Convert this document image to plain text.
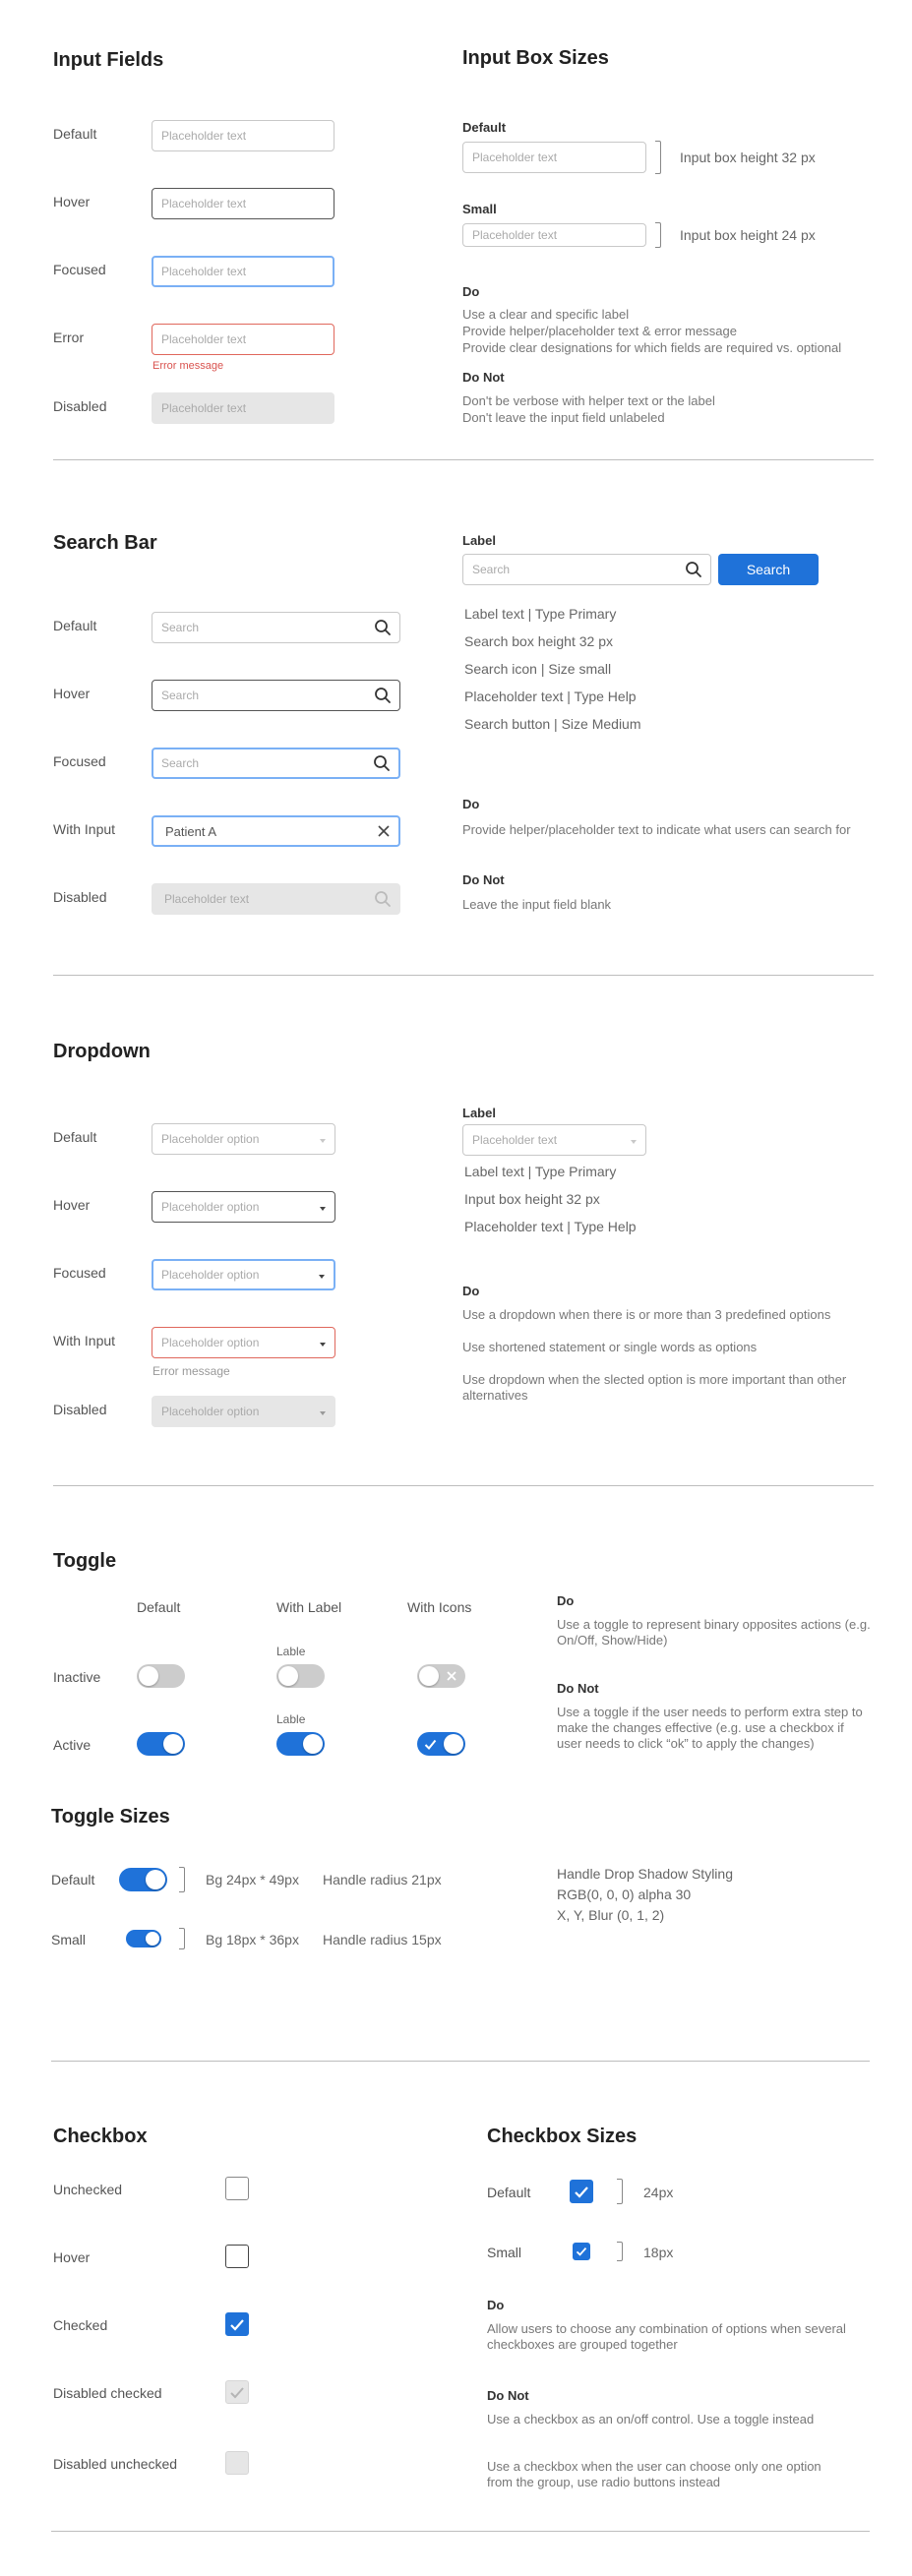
Input Fields
Default	Placeholder text
Hover	Placeholder text
Focused	Placeholder text
Error	Placeholder text
Error message
Disabled	Placeholder text
Input Box Sizes
Default
Placeholder text	Input box height 32 px
Small
Placeholder text	Input box height 24 px
Do
Use a clear and specific label
Provide helper/placeholder text & error message
Provide clear designations for which fields are required vs. optional
Do Not
Don't be verbose with helper text or the label
Don't leave the input field unlabeled
Search Bar
Default	Search
Hover	Search
Focused	Search
With Input	Patient A
Disabled	Placeholder text
Label
Search	Search
Label text | Type Primary
Search box height 32 px
Search icon | Size small
Placeholder text | Type Help
Search button | Size Medium
Do
Provide helper/placeholder text to indicate what users can search for
Do Not
Leave the input field blank
Dropdown
Default	Placeholder option
Hover	Placeholder option
Focused	Placeholder option
With Input	Placeholder option
Error message
Disabled	Placeholder option
Label
Placeholder text
Label text | Type Primary
Input box height 32 px
Placeholder text | Type Help
Do
Use a dropdown when there is or more than 3 predefined options
Use shortened statement or single words as options
Use dropdown when the slected option is more important than other alternatives
Toggle
Default	With Label	With Icons
Inactive
Active
Lable
Lable
Do
Use a toggle to represent binary opposites actions (e.g. On/Off, Show/Hide)
Do Not
Use a toggle if the user needs to perform extra step to make the changes effective (e.g. use a checkbox if user needs to click “ok” to apply the changes)
Toggle Sizes
Default	Bg 24px * 49px Handle radius 21px
Small	Bg 18px * 36px Handle radius 15px
Handle Drop Shadow Styling
RGB(0, 0, 0) alpha 30
X, Y, Blur (0, 1, 2)
Checkbox
Unchecked
Hover
Checked
Disabled checked
Disabled unchecked
Checkbox Sizes
Default	24px
Small	18px
Do
Allow users to choose any combination of options when several checkboxes are grouped together
Do Not
Use a checkbox as an on/off control. Use a toggle instead
Use a checkbox when the user can choose only one option from the group, use radio buttons instead
